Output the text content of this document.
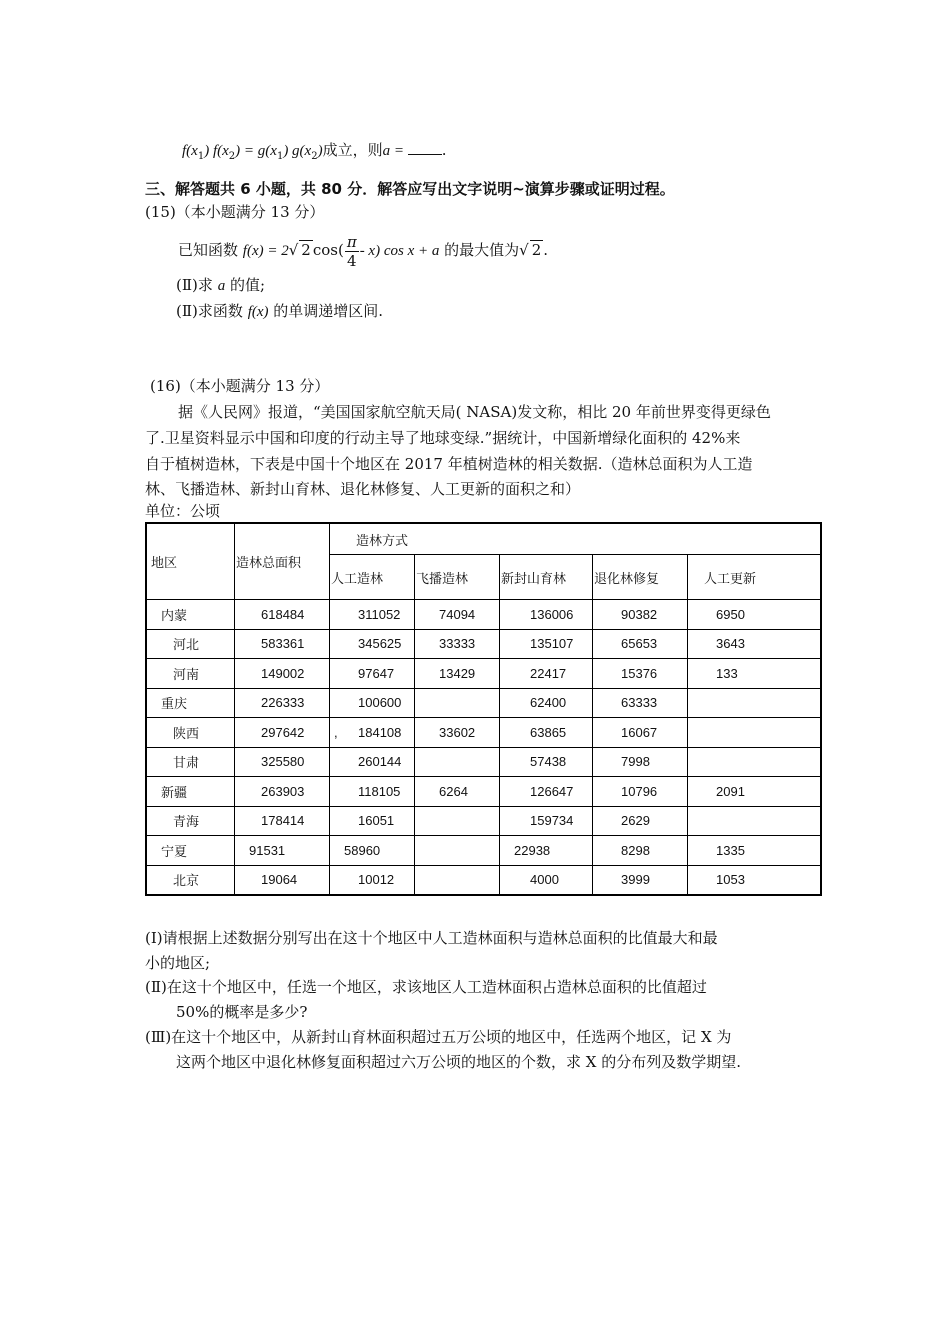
$f(x_1) f(x_2) = g(x_1)$ $g(x_2)$成立，则a = .
三、解答题共 6 小题，共 80 分．解答应写出文字说明~演算步骤或证明过程。
(15)（本小题满分 13 分）
已知函数 f(x) = 2√ 2 $\cos( \frac{\pi}{4} - x)$ cos x + a 的最大值为√ 2 .
(Ⅱ)求 a 的值;
(Ⅱ)求函数 f(x) 的单调递增区间.
(16)（本小题满分 13 分）
据《人民网》报道，“美国国家航空航天局( NASA)发文称，相比 20 年前世界变得更绿色
了.卫星资料显示中国和印度的行动主导了地球变绿.”据统计，中国新增绿化面积的 42%来
自于植树造林，下表是中国十个地区在 2017 年植树造林的相关数据.（造林总面积为人工造
林、飞播造林、新封山育林、退化林修复、人工更新的面积之和）
单位：公顷
地区	造林总面积	造林方式				
		人工造林	飞播造林	新封山育林	退化林修复	人工更新
内蒙	618484	311052	74094	136006	90382	6950
河北	583361	345625	33333	135107	65653	3643
河南	149002	97647	13429	22417	15376	133
重庆	226333	100600		62400	63333	
陕西	297642	, 184108	33602	63865	16067	
甘肃	325580	260144		57438	7998	
新疆	263903	118105	6264	126647	10796	2091
青海	178414	16051		159734	2629	
宁夏	91531	58960		22938	8298	1335
北京	19064	10012		4000	3999	1053
(Ⅰ)请根据上述数据分别写出在这十个地区中人工造林面积与造林总面积的比值最大和最
小的地区;
(Ⅱ)在这十个地区中，任选一个地区，求该地区人工造林面积占造林总面积的比值超过
50%的概率是多少?
(Ⅲ)在这十个地区中，从新封山育林面积超过五万公顷的地区中，任选两个地区，记 X 为
这两个地区中退化林修复面积超过六万公顷的地区的个数，求 X 的分布列及数学期望.
